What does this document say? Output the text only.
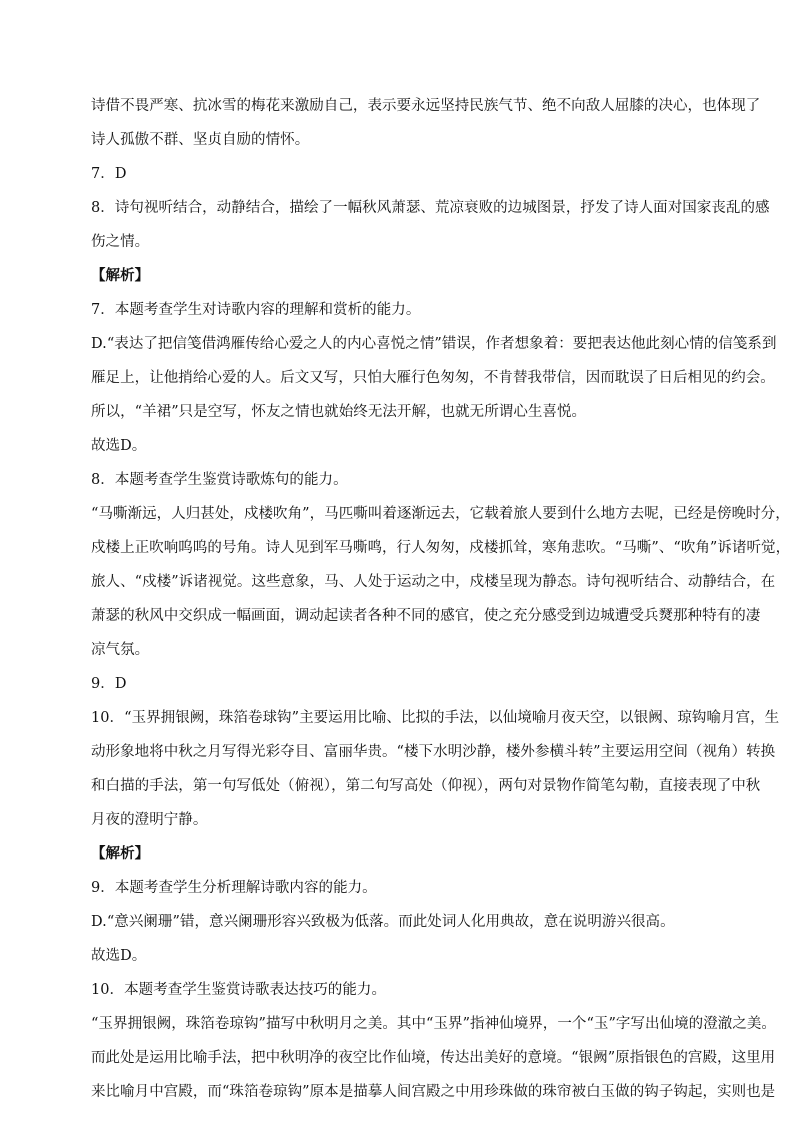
诗借不畏严寒、抗冰雪的梅花来激励自己，表示要永远坚持民族气节、绝不向敌人屈膝的决心，也体现了
诗人孤傲不群、坚贞自励的情怀。
7．D
8．诗句视听结合，动静结合，描绘了一幅秋风萧瑟、荒凉衰败的边城图景，抒发了诗人面对国家丧乱的感
伤之情。
【解析】
7．本题考查学生对诗歌内容的理解和赏析的能力。
D.“表达了把信笺借鸿雁传给心爱之人的内心喜悦之情”错误，作者想象着：要把表达他此刻心情的信笺系到
雁足上，让他捎给心爱的人。后文又写，只怕大雁行色匆匆，不肯替我带信，因而耽误了日后相见的约会。
所以，“羊裙”只是空写，怀友之情也就始终无法开解，也就无所谓心生喜悦。
故选D。
8．本题考查学生鉴赏诗歌炼句的能力。
“马嘶渐远，人归甚处，戍楼吹角”，马匹嘶叫着逐渐远去，它载着旅人要到什么地方去呢，已经是傍晚时分，
戍楼上正吹响呜呜的号角。诗人见到军马嘶鸣，行人匆匆，戍楼抓耸，寒角悲吹。“马嘶”、“吹角”诉诸听觉，
旅人、“戍楼”诉诸视觉。这些意象，马、人处于运动之中，戍楼呈现为静态。诗句视听结合、动静结合，在
萧瑟的秋风中交织成一幅画面，调动起读者各种不同的感官，使之充分感受到边城遭受兵燹那种特有的凄
凉气氛。
9．D
10．“玉界拥银阙，珠箔卷球钩”主要运用比喻、比拟的手法，以仙境喻月夜天空，以银阙、琼钩喻月宫，生
动形象地将中秋之月写得光彩夺目、富丽华贵。“楼下水明沙静，楼外参横斗转”主要运用空间（视角）转换
和白描的手法，第一句写低处（俯视），第二句写高处（仰视），两句对景物作简笔勾勒，直接表现了中秋
月夜的澄明宁静。
【解析】
9．本题考查学生分析理解诗歌内容的能力。
D.“意兴阑珊”错，意兴阑珊形容兴致极为低落。而此处词人化用典故，意在说明游兴很高。
故选D。
10．本题考查学生鉴赏诗歌表达技巧的能力。
“玉界拥银阙，珠箔卷琼钩”描写中秋明月之美。其中“玉界”指神仙境界，一个“玉”字写出仙境的澄澈之美。
而此处是运用比喻手法，把中秋明净的夜空比作仙境，传达出美好的意境。“银阙”原指银色的宫殿，这里用
来比喻月中宫殿，而“珠箔卷琼钩”原本是描摹人间宫殿之中用珍珠做的珠帘被白玉做的钩子钩起，实则也是
